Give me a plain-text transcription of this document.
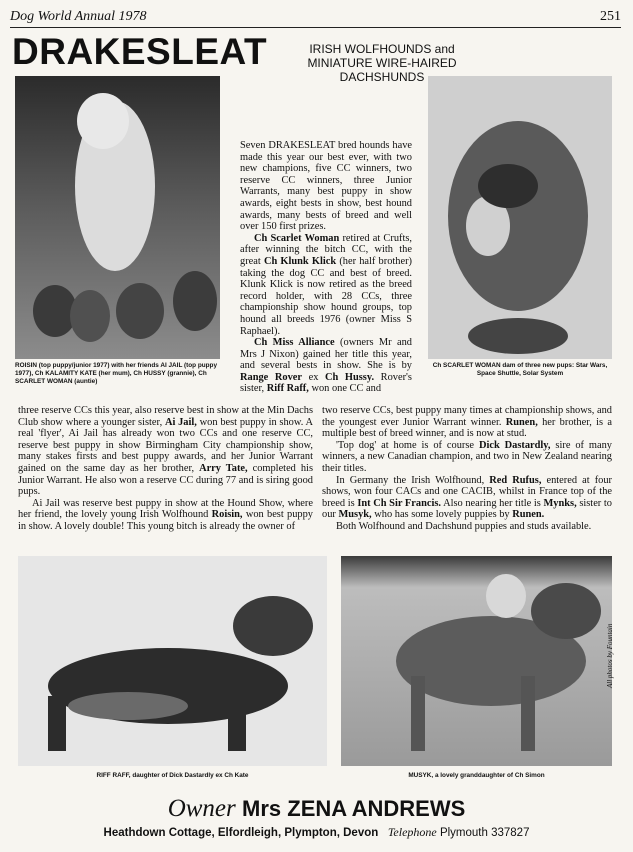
Dog World Annual 1978	251
DRAKESLEAT	IRISH WOLFHOUNDS and
MINIATURE WIRE-HAIRED DACHSHUNDS
ROISIN (top puppy/junior 1977) with her friends AI JAIL (top puppy 1977), Ch KALAMITY KATE (her mum), Ch HUSSY (grannie), Ch SCARLET WOMAN (auntie)

Seven DRAKESLEAT bred hounds have made this year our best ever, with two new champions, five CC winners, two reserve CC winners, three Junior Warrants, many best puppy in show awards, eight bests in show, best hound awards, many bests of breed and well over 150 first prizes.

Ch Scarlet Woman retired at Crufts, after winning the bitch CC, with the great Ch Klunk Klick (her half brother) taking the dog CC and best of breed. Klunk Klick is now retired as the breed record holder, with 28 CCs, three championship show hound groups, top hound all breeds 1976 (owner Miss S Raphael).

Ch Miss Alliance (owners Mr and Mrs J Nixon) gained her title this year, and several bests in show. She is by Range Rover ex Ch Hussy. Rover's sister, Riff Raff, won one CC and

Ch SCARLET WOMAN dam of three new pups: Star Wars, Space Shuttle, Solar System

three reserve CCs this year, also reserve best in show at the Min Dachs Club show where a younger sister, Ai Jail, won best puppy in show. A real 'flyer', Ai Jail has already won two CCs and one reserve CC, reserve best puppy in show Birmingham City championship show, many stakes firsts and best puppy awards, and her Junior Warrant gained on the same day as her brother, Arry Tate, completed his Junior Warrant. He also won a reserve CC during 77 and is siring good pups.

Ai Jail was reserve best puppy in show at the Hound Show, where her friend, the lovely young Irish Wolfhound Roisin, won best puppy in show. A lovely double! This young bitch is already the owner of

two reserve CCs, best puppy many times at championship shows, and the youngest ever Junior Warrant winner. Runen, her brother, is a multiple best of breed winner, and is now at stud.

'Top dog' at home is of course Dick Dastardly, sire of many winners, a new Canadian champion, and two in New Zealand nearing their titles.

In Germany the Irish Wolfhound, Red Rufus, entered at four shows, won four CACs and one CACIB, whilst in France top of the breed is Int Ch Sir Francis. Also nearing her title is Mynks, sister to our Musyk, who has some lovely puppies by Runen.

Both Wolfhound and Dachshund puppies and studs available.

RIFF RAFF, daughter of Dick Dastardly ex Ch Kate	MUSYK, a lovely granddaughter of Ch Simon
All photos by Fountain
Owner Mrs ZENA ANDREWS
Heathdown Cottage, Elfordleigh, Plympton, Devon Telephone Plymouth 337827
